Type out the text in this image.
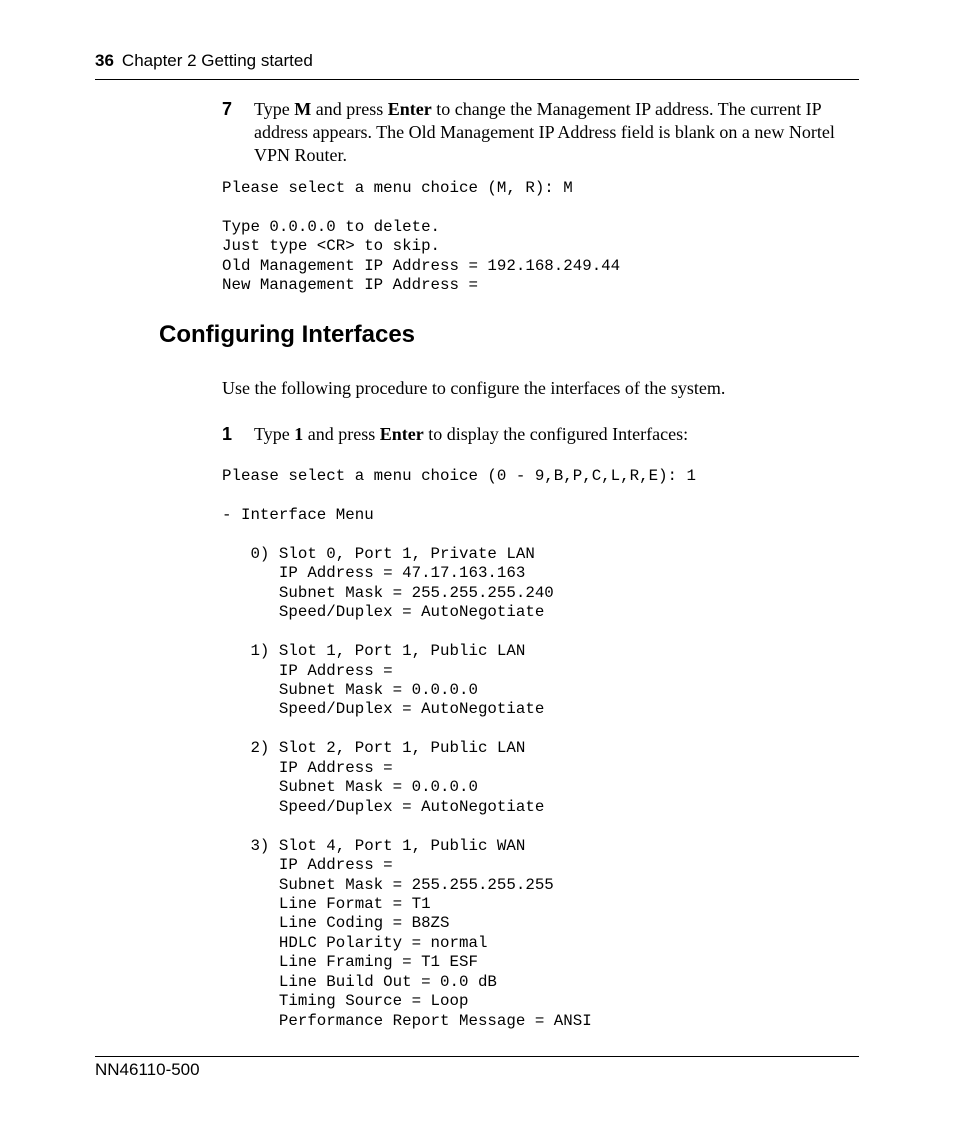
36 Chapter 2 Getting started
7 Type M and press Enter to change the Management IP address. The current IP address appears. The Old Management IP Address field is blank on a new Nortel VPN Router.
Please select a menu choice (M, R): M

Type 0.0.0.0 to delete.
Just type <CR> to skip.
Old Management IP Address = 192.168.249.44
New Management IP Address =
Configuring Interfaces
Use the following procedure to configure the interfaces of the system.
1 Type 1 and press Enter to display the configured Interfaces:
Please select a menu choice (0 - 9,B,P,C,L,R,E): 1

- Interface Menu

0) Slot 0, Port 1, Private LAN
IP Address = 47.17.163.163
Subnet Mask = 255.255.255.240
Speed/Duplex = AutoNegotiate

1) Slot 1, Port 1, Public LAN
IP Address =
Subnet Mask = 0.0.0.0
Speed/Duplex = AutoNegotiate

2) Slot 2, Port 1, Public LAN
IP Address =
Subnet Mask = 0.0.0.0
Speed/Duplex = AutoNegotiate

3) Slot 4, Port 1, Public WAN
IP Address =
Subnet Mask = 255.255.255.255
Line Format = T1
Line Coding = B8ZS
HDLC Polarity = normal
Line Framing = T1 ESF
Line Build Out = 0.0 dB
Timing Source = Loop
Performance Report Message = ANSI
NN46110-500
